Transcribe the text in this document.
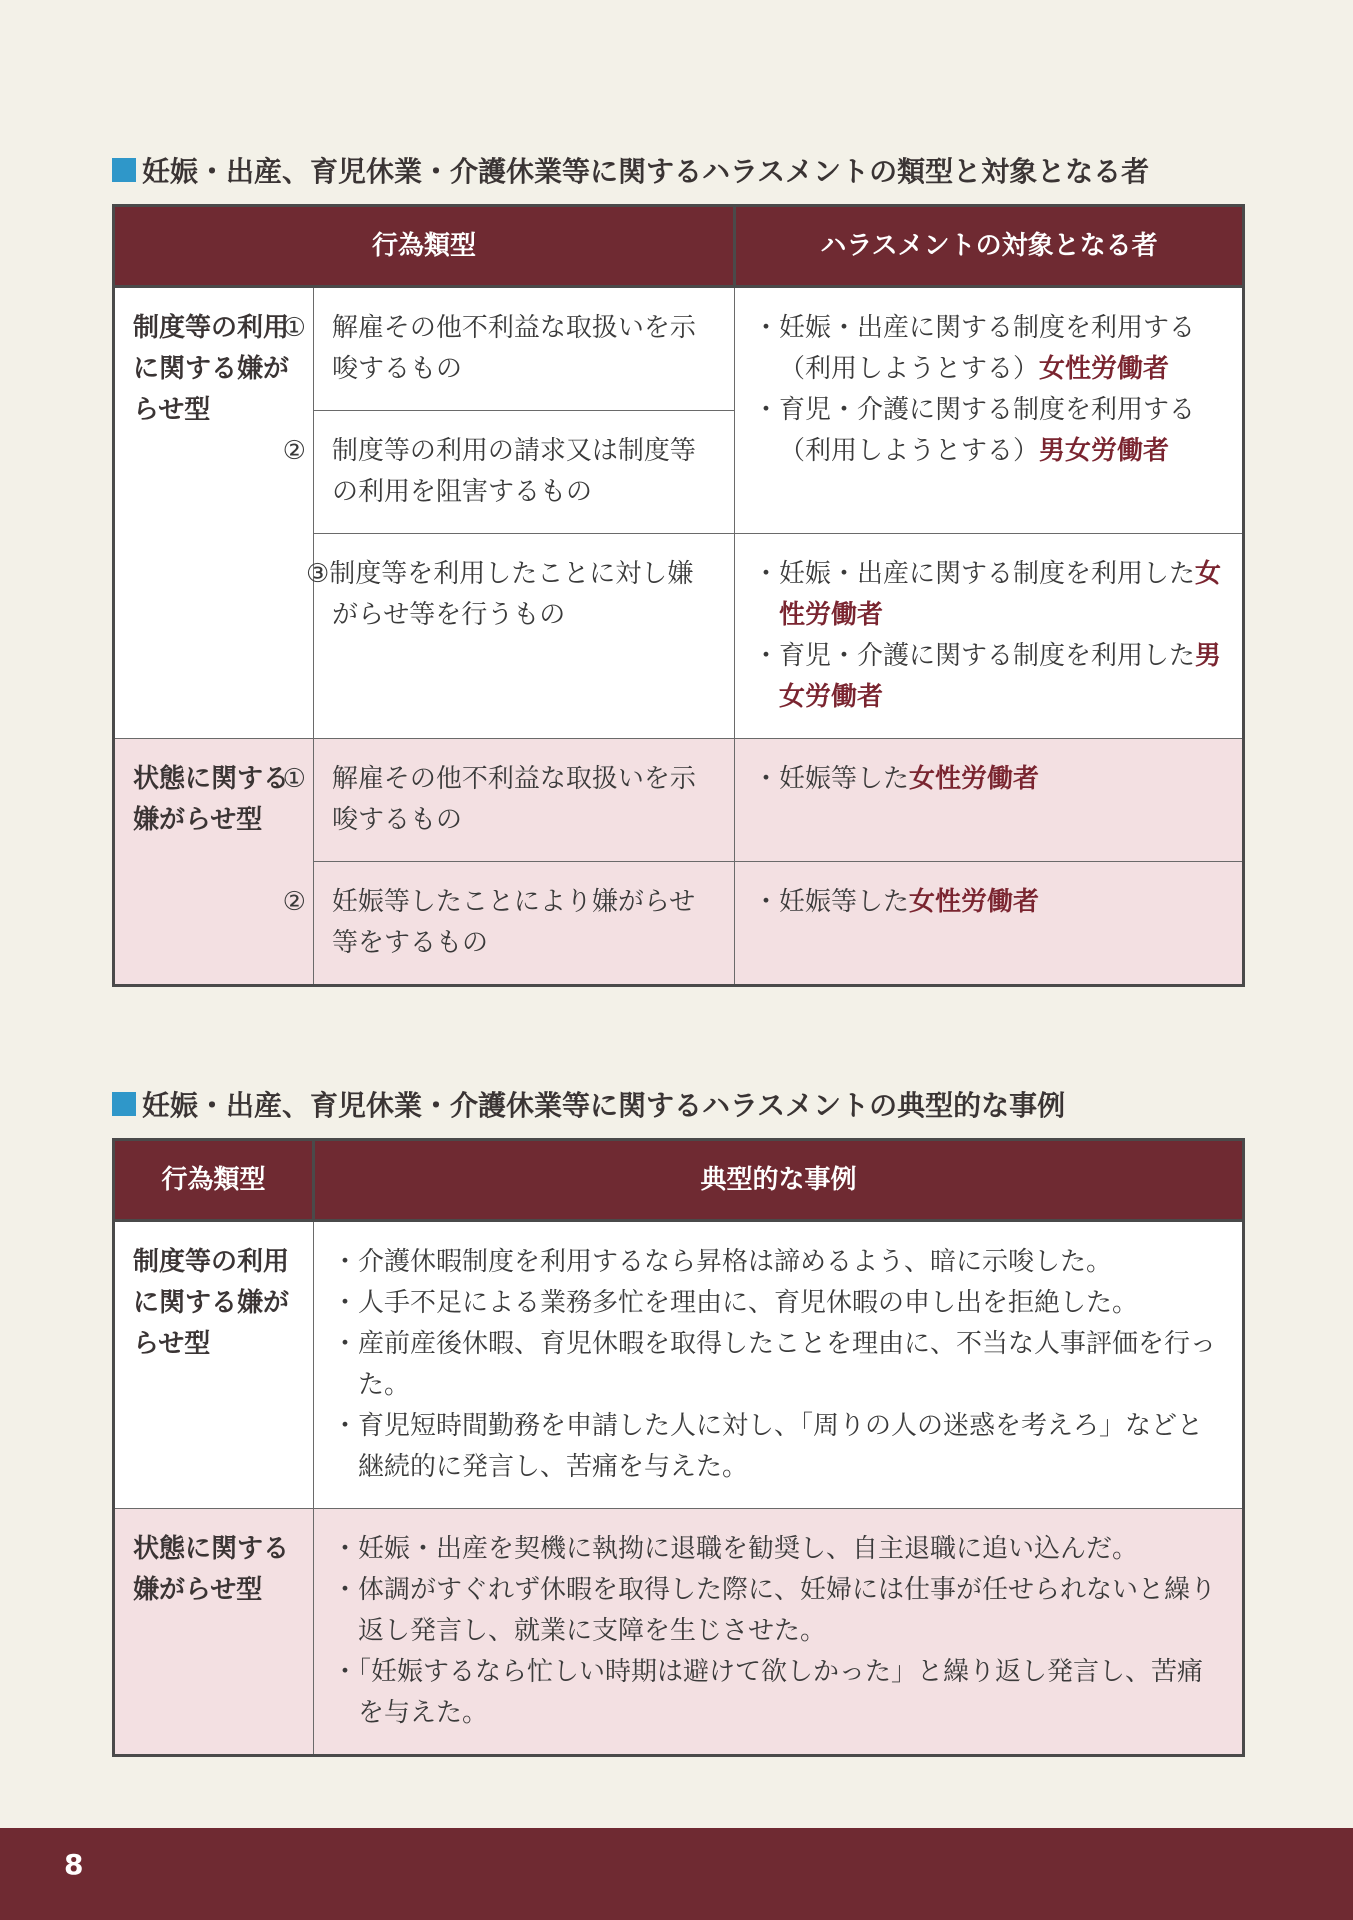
妊娠・出産、育児休業・介護休業等に関するハラスメントの類型と対象となる者
行為類型		ハラスメントの対象となる者
制度等の利用に関する嫌がらせ型	①　解雇その他不利益な取扱いを示唆するもの	・妊娠・出産に関する制度を利用する（利用しようとする）女性労働者
・育児・介護に関する制度を利用する（利用しようとする）男女労働者

	②　制度等の利用の請求又は制度等の利用を阻害するもの	
	③制度等を利用したことに対し嫌がらせ等を行うもの	・妊娠・出産に関する制度を利用した女性労働者
・育児・介護に関する制度を利用した男女労働者

状態に関する嫌がらせ型	①　解雇その他不利益な取扱いを示唆するもの	・妊娠等した女性労働者
	②　妊娠等したことにより嫌がらせ等をするもの	・妊娠等した女性労働者
妊娠・出産、育児休業・介護休業等に関するハラスメントの典型的な事例
行為類型	典型的な事例
制度等の利用に関する嫌がらせ型	・介護休暇制度を利用するなら昇格は諦めるよう、暗に示唆した。
・人手不足による業務多忙を理由に、育児休暇の申し出を拒絶した。
・産前産後休暇、育児休暇を取得したことを理由に、不当な人事評価を行った。
・育児短時間勤務を申請した人に対し、「周りの人の迷惑を考えろ」などと継続的に発言し、苦痛を与えた。

状態に関する嫌がらせ型	・妊娠・出産を契機に執拗に退職を勧奨し、自主退職に追い込んだ。
・体調がすぐれず休暇を取得した際に、妊婦には仕事が任せられないと繰り返し発言し、就業に支障を生じさせた。
・「妊娠するなら忙しい時期は避けて欲しかった」と繰り返し発言し、苦痛を与えた。
8
